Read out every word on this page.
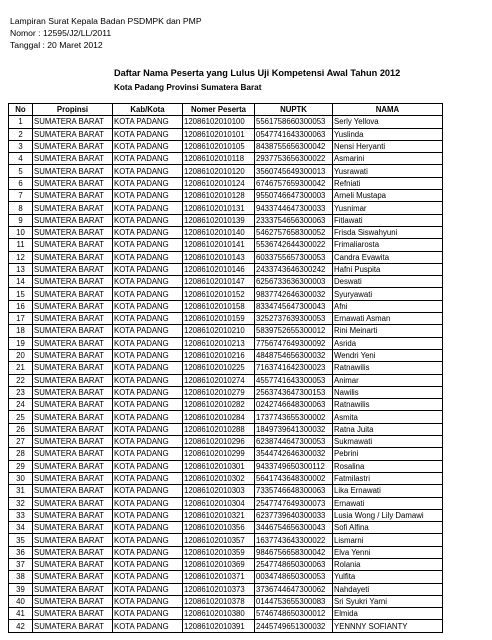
Lampiran Surat Kepala Badan PSDMPK dan PMP
Nomor : 12595/J2/LL/2011
Tanggal : 20 Maret 2012
Daftar Nama Peserta yang Lulus Uji Kompetensi Awal Tahun 2012
Kota Padang Provinsi Sumatera Barat
No	Propinsi	Kab/Kota	Nomer Peserta	NUPTK	NAMA
1	SUMATERA BARAT	KOTA PADANG	12086102010100	5561758660300053	Serly Yellova
2	SUMATERA BARAT	KOTA PADANG	12086102010101	0547741643300063	Yuslinda
3	SUMATERA BARAT	KOTA PADANG	12086102010105	8438755656300042	Nensi Heryanti
4	SUMATERA BARAT	KOTA PADANG	12086102010118	2937753656300022	Asmarini
5	SUMATERA BARAT	KOTA PADANG	12086102010120	3560745649300013	Yusrawati
6	SUMATERA BARAT	KOTA PADANG	12086102010124	6746757659300042	Refniati
7	SUMATERA BARAT	KOTA PADANG	12086102010128	9550746647300003	Arneli Mustapa
8	SUMATERA BARAT	KOTA PADANG	12086102010131	9433744647300033	Yusnimar
9	SUMATERA BARAT	KOTA PADANG	12086102010139	2333754656300063	Fitlawati
10	SUMATERA BARAT	KOTA PADANG	12086102010140	5462757658300052	Frisda Siswahyuni
11	SUMATERA BARAT	KOTA PADANG	12086102010141	5536742644300022	Frimaliarosta
12	SUMATERA BARAT	KOTA PADANG	12086102010143	6033755657300053	Candra Evawita
13	SUMATERA BARAT	KOTA PADANG	12086102010146	2433743646300242	Hafni Puspita
14	SUMATERA BARAT	KOTA PADANG	12086102010147	6256733636300003	Deswati
15	SUMATERA BARAT	KOTA PADANG	12086102010152	9837742646300032	Syuryawati
16	SUMATERA BARAT	KOTA PADANG	12086102010158	8334745647300043	Afni
17	SUMATERA BARAT	KOTA PADANG	12086102010159	3252737639300053	Ernawati Asman
18	SUMATERA BARAT	KOTA PADANG	12086102010210	5839752655300012	Rini Meinarti
19	SUMATERA BARAT	KOTA PADANG	12086102010213	7756747649300092	Asrida
20	SUMATERA BARAT	KOTA PADANG	12086102010216	4848754656300032	Wendri Yeni
21	SUMATERA BARAT	KOTA PADANG	12086102010225	7163741642300023	Ratnawilis
22	SUMATERA BARAT	KOTA PADANG	12086102010274	4557741643300053	Animar
23	SUMATERA BARAT	KOTA PADANG	12086102010279	2563743647300153	Nawilis
24	SUMATERA BARAT	KOTA PADANG	12086102010282	0242746648300063	Ratnawilis
25	SUMATERA BARAT	KOTA PADANG	12086102010284	1737743655300002	Asmita
26	SUMATERA BARAT	KOTA PADANG	12086102010288	1849739641300032	Ratna Juita
27	SUMATERA BARAT	KOTA PADANG	12086102010296	6238744647300053	Sukmawati
28	SUMATERA BARAT	KOTA PADANG	12086102010299	3544742646300032	Pebrini
29	SUMATERA BARAT	KOTA PADANG	12086102010301	9433749650300112	Rosalina
30	SUMATERA BARAT	KOTA PADANG	12086102010302	5641743648300002	Fatmilastri
31	SUMATERA BARAT	KOTA PADANG	12086102010303	7335746648300063	Lika Ernawati
32	SUMATERA BARAT	KOTA PADANG	12086102010304	2547747649300073	Ernawati
33	SUMATERA BARAT	KOTA PADANG	12086102010321	6237739640300033	Lusia Wong / Lily Damawi
34	SUMATERA BARAT	KOTA PADANG	12086102010356	3446754656300043	Sofi Alfina
35	SUMATERA BARAT	KOTA PADANG	12086102010357	1637743643300022	Lismarni
36	SUMATERA BARAT	KOTA PADANG	12086102010359	9846756658300042	Elva Yenni
37	SUMATERA BARAT	KOTA PADANG	12086102010369	2547748650300063	Rolania
38	SUMATERA BARAT	KOTA PADANG	12086102010371	0034748650300053	Yulfita
39	SUMATERA BARAT	KOTA PADANG	12086102010373	3736744647300062	Nahdayeti
40	SUMATERA BARAT	KOTA PADANG	12086102010378	0144753655300083	Sri Syukri Yarni
41	SUMATERA BARAT	KOTA PADANG	12086102010380	5746748650300012	Elmida
42	SUMATERA BARAT	KOTA PADANG	12086102010391	2445749651300032	YENNNY SOFIANTY
